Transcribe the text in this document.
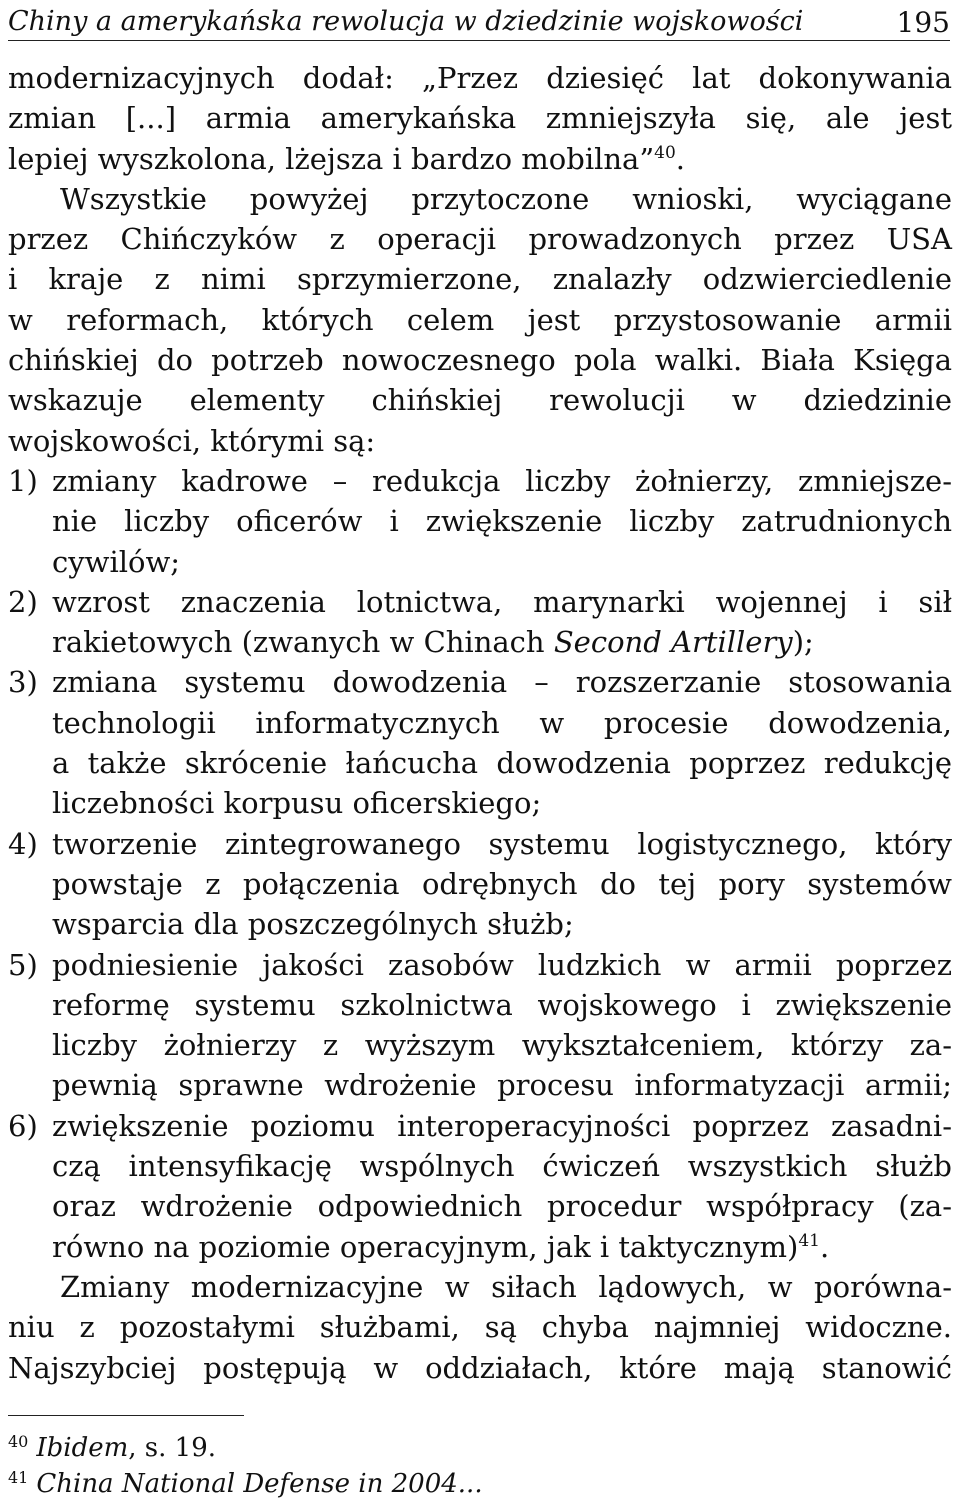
Chiny a amerykańska rewolucja w dziedzinie wojskowości	195
modernizacyjnych dodał: „Przez dziesięć lat dokonywania
zmian [...] armia amerykańska zmniejszyła się, ale jest
lepiej wyszkolona, lżejsza i bardzo mobilna”$^{40}$.
Wszystkie powyżej przytoczone wnioski, wyciągane
przez Chińczyków z operacji prowadzonych przez USA
i kraje z nimi sprzymierzone, znalazły odzwierciedlenie
w reformach, których celem jest przystosowanie armii
chińskiej do potrzeb nowoczesnego pola walki. Biała Księga
wskazuje elementy chińskiej rewolucji w dziedzinie
wojskowości, którymi są:
1) zmiany kadrowe – redukcja liczby żołnierzy, zmniejsze-
nie liczby oficerów i zwiększenie liczby zatrudnionych
cywilów;
2) wzrost znaczenia lotnictwa, marynarki wojennej i sił
rakietowych (zwanych w Chinach Second Artillery);
3) zmiana systemu dowodzenia – rozszerzanie stosowania
technologii informatycznych w procesie dowodzenia,
a także skrócenie łańcucha dowodzenia poprzez redukcję
liczebności korpusu oficerskiego;
4) tworzenie zintegrowanego systemu logistycznego, który
powstaje z połączenia odrębnych do tej pory systemów
wsparcia dla poszczególnych służb;
5) podniesienie jakości zasobów ludzkich w armii poprzez
reformę systemu szkolnictwa wojskowego i zwiększenie
liczby żołnierzy z wyższym wykształceniem, którzy za-
pewnią sprawne wdrożenie procesu informatyzacji armii;
6) zwiększenie poziomu interoperacyjności poprzez zasadni-
czą intensyfikację wspólnych ćwiczeń wszystkich służb
oraz wdrożenie odpowiednich procedur współpracy (za-
równo na poziomie operacyjnym, jak i taktycznym)$^{41}$.
Zmiany modernizacyjne w siłach lądowych, w porówna-
niu z pozostałymi służbami, są chyba najmniej widoczne.
Najszybciej postępują w oddziałach, które mają stanowić
$^{40}$ Ibidem, s. 19.
$^{41}$ China National Defense in 2004...
